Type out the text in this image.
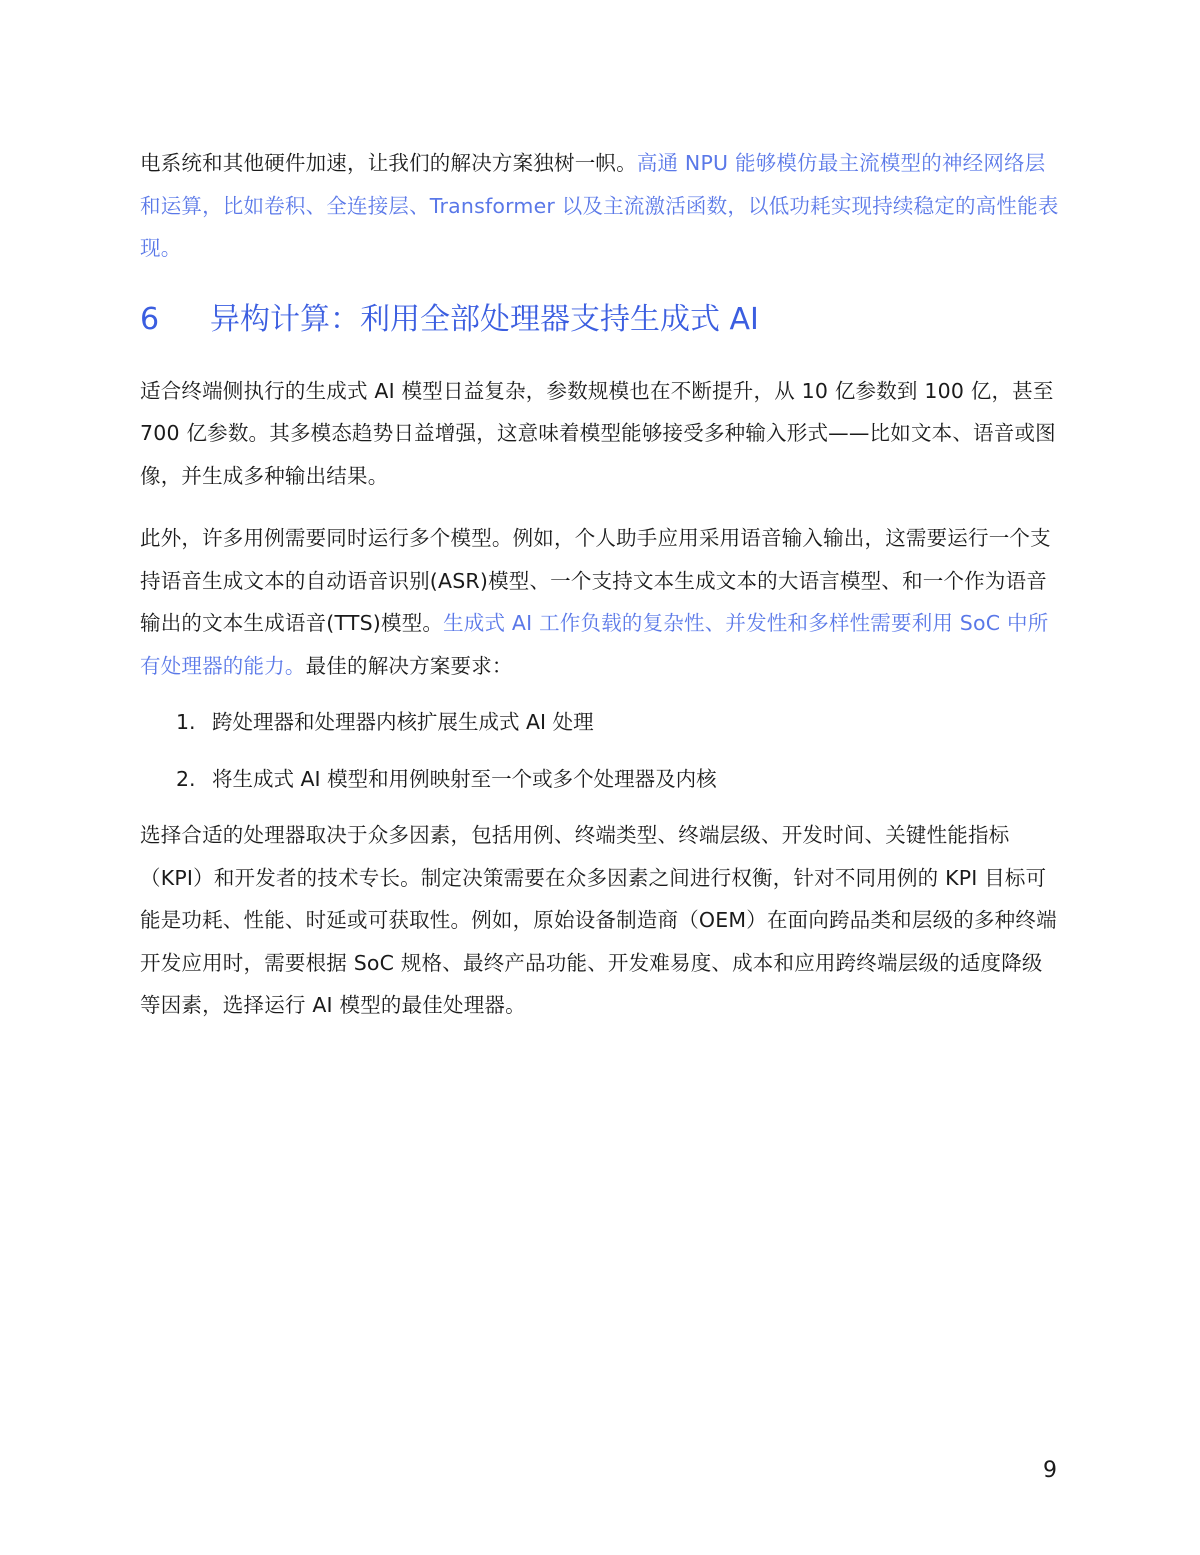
电系统和其他硬件加速，让我们的解决方案独树一帜。高通 NPU 能够模仿最主流模型的神经网络层和运算，比如卷积、全连接层、Transformer 以及主流激活函数，以低功耗实现持续稳定的高性能表现。

6	异构计算：利用全部处理器支持生成式 AI

适合终端侧执行的生成式 AI 模型日益复杂，参数规模也在不断提升，从 10 亿参数到 100 亿，甚至 700 亿参数。其多模态趋势日益增强，这意味着模型能够接受多种输入形式——比如文本、语音或图像，并生成多种输出结果。

此外，许多用例需要同时运行多个模型。例如，个人助手应用采用语音输入输出，这需要运行一个支持语音生成文本的自动语音识别(ASR)模型、一个支持文本生成文本的大语言模型、和一个作为语音输出的文本生成语音(TTS)模型。生成式 AI 工作负载的复杂性、并发性和多样性需要利用 SoC 中所有处理器的能力。最佳的解决方案要求：

1. 跨处理器和处理器内核扩展生成式 AI 处理
2. 将生成式 AI 模型和用例映射至一个或多个处理器及内核

选择合适的处理器取决于众多因素，包括用例、终端类型、终端层级、开发时间、关键性能指标（KPI）和开发者的技术专长。制定决策需要在众多因素之间进行权衡，针对不同用例的 KPI 目标可能是功耗、性能、时延或可获取性。例如，原始设备制造商（OEM）在面向跨品类和层级的多种终端开发应用时，需要根据 SoC 规格、最终产品功能、开发难易度、成本和应用跨终端层级的适度降级等因素，选择运行 AI 模型的最佳处理器。

9
